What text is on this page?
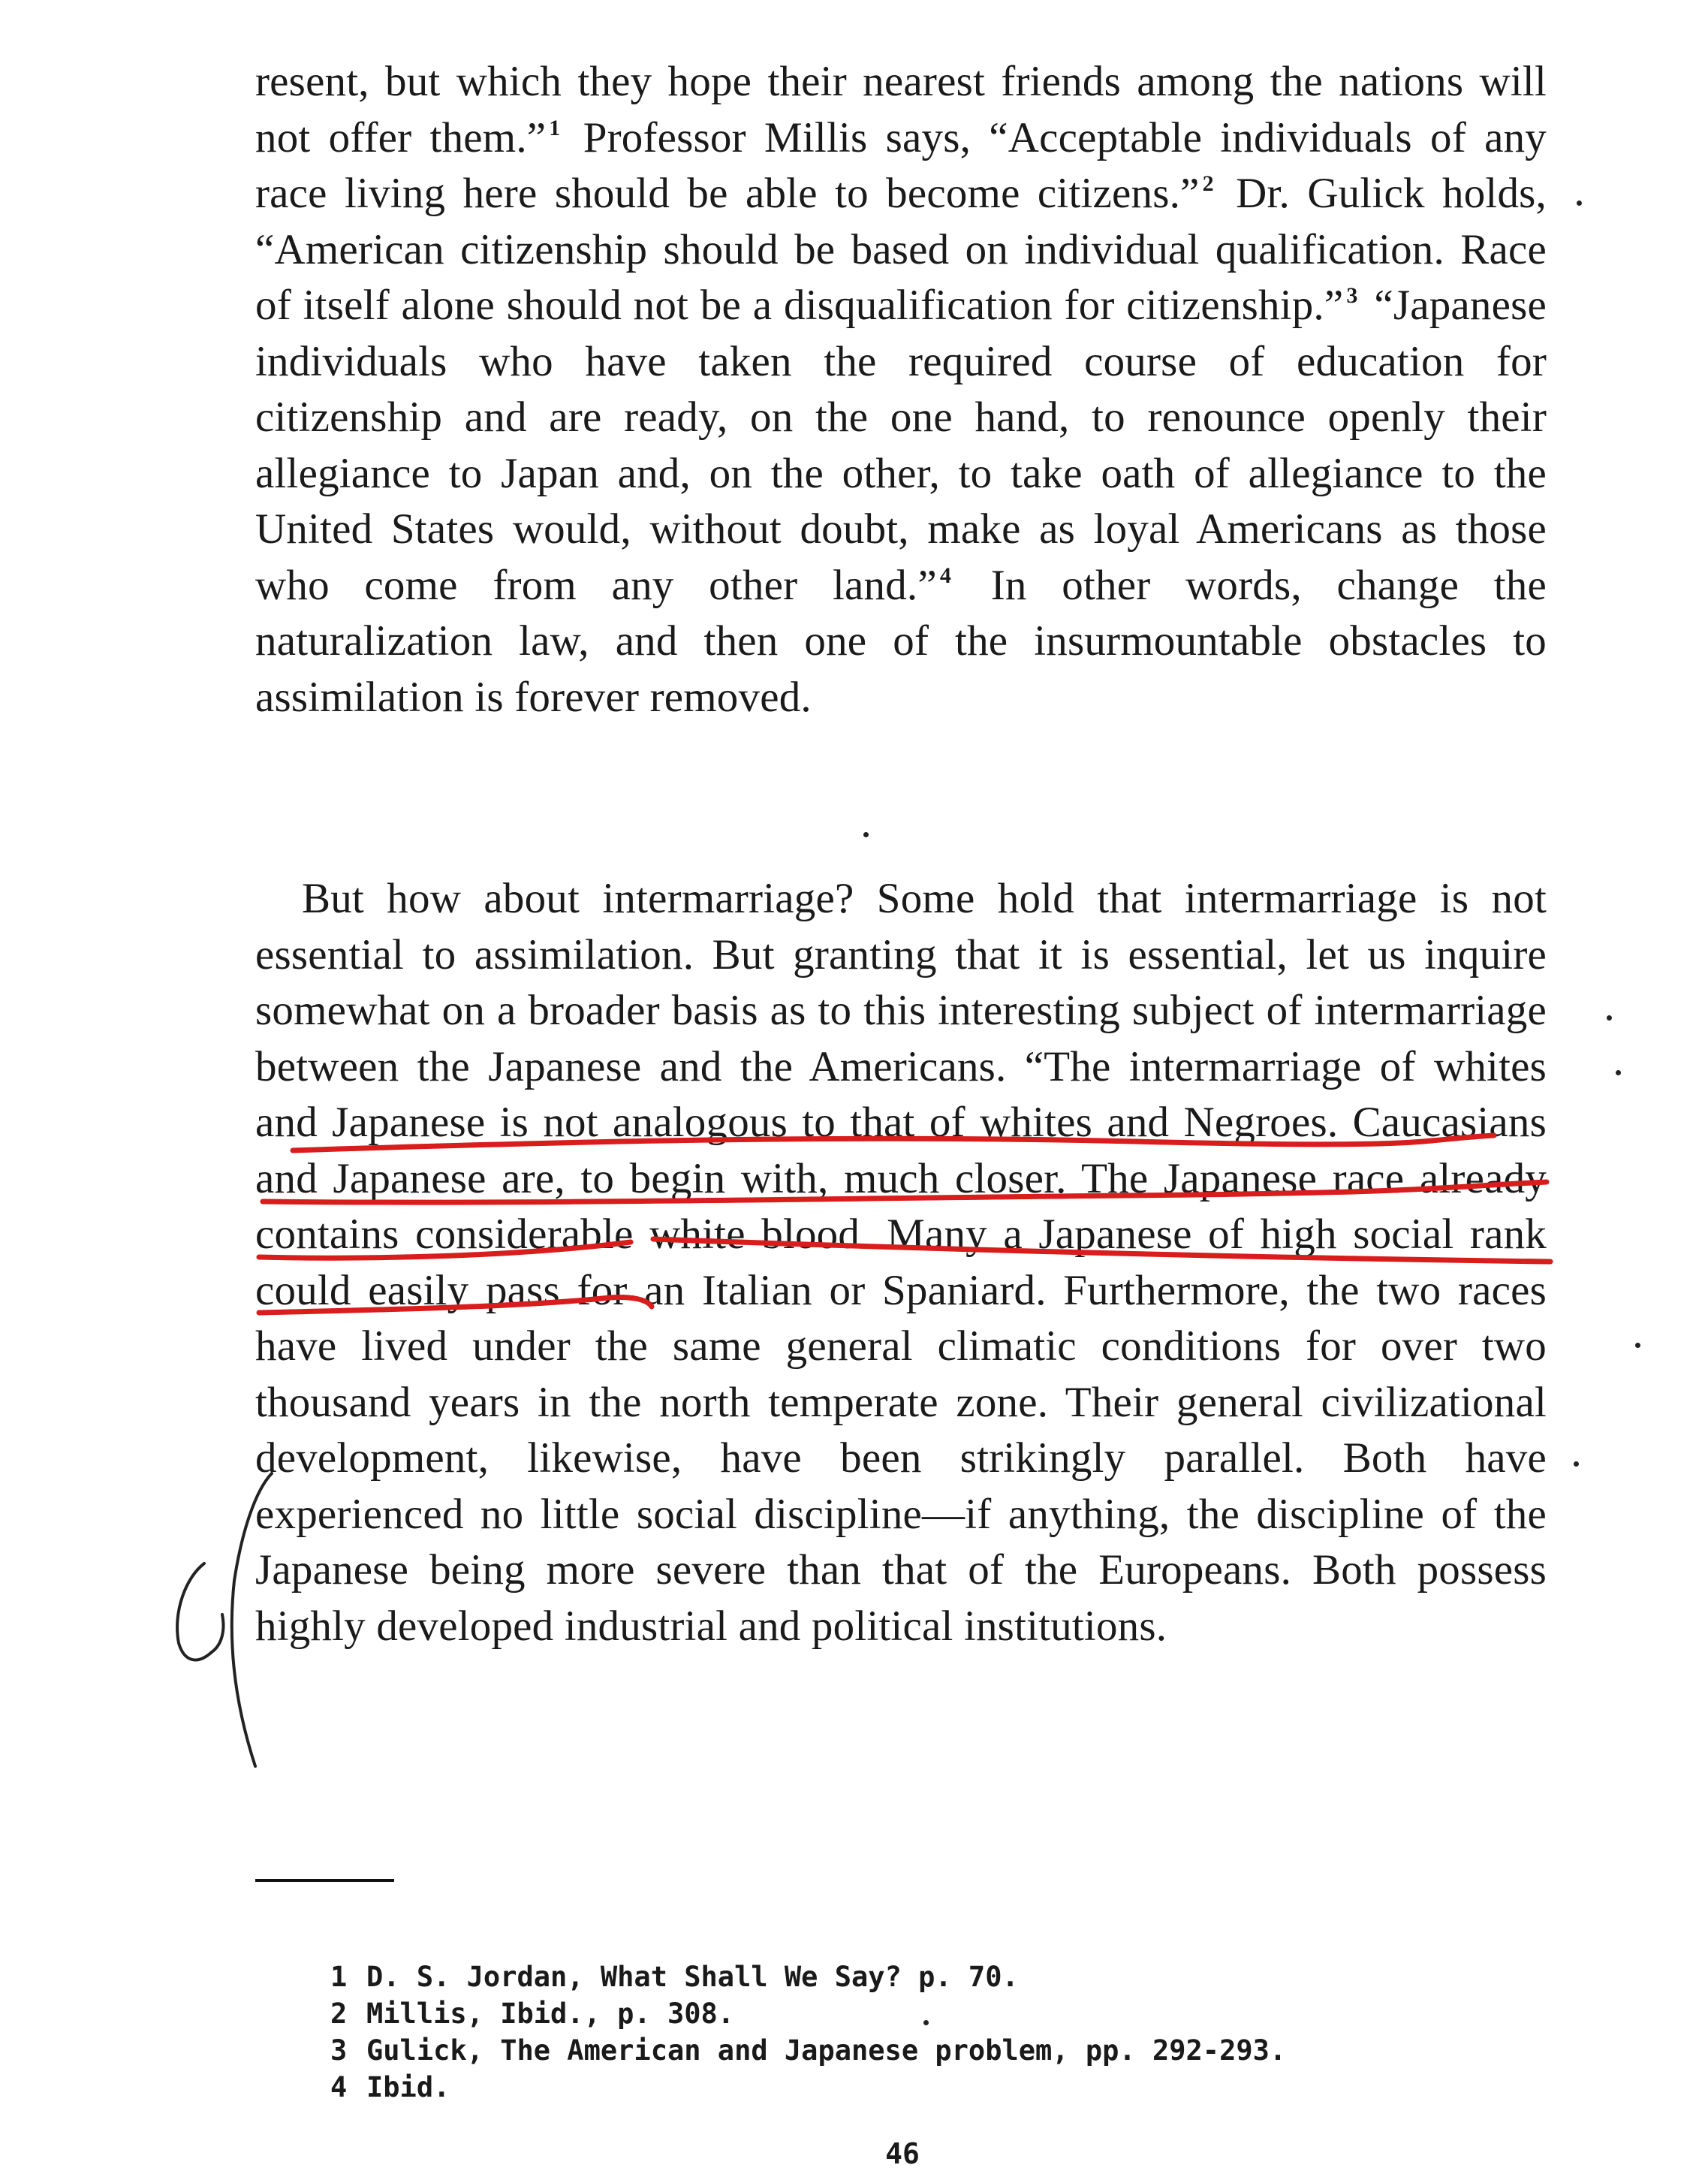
resent, but which they hope their nearest friends among the nations will not offer them.” $^1$ Professor Millis says, “Acceptable individuals of any race living here should be able to become citizens.” $^2$ Dr. Gulick holds, “American citizenship should be based on individual qualification. Race of itself alone should not be a disqualification for citizenship.” $^3$ “Japanese individuals who have taken the required course of education for citizenship and are ready, on the one hand, to renounce openly their allegiance to Japan and, on the other, to take oath of allegiance to the United States would, without doubt, make as loyal Americans as those who come from any other land.” $^4$ In other words, change the naturalization law, and then one of the insurmountable obstacles to assimilation is forever removed.

But how about intermarriage? Some hold that intermarriage is not essential to assimilation. But granting that it is essential, let us inquire somewhat on a broader basis as to this interesting subject of intermarriage between the Japanese and the Americans. “The intermarriage of whites and Japanese is not analogous to that of whites and Negroes. Caucasians and Japanese are, to begin with, much closer. The Japanese race already contains considerable white blood. Many a Japanese of high social rank could easily pass for an Italian or Spaniard. Furthermore, the two races have lived under the same general climatic conditions for over two thousand years in the north temperate zone. Their general civilizational development, likewise, have been strikingly parallel. Both have experienced no little social discipline—if anything, the discipline of the Japanese being more severe than that of the Europeans. Both possess highly developed industrial and political institutions.

1 D. S. Jordan, What Shall We Say? p. 70.
2 Millis, Ibid., p. 308.
3 Gulick, The American and Japanese problem, pp. 292-293.
4 Ibid.
46
